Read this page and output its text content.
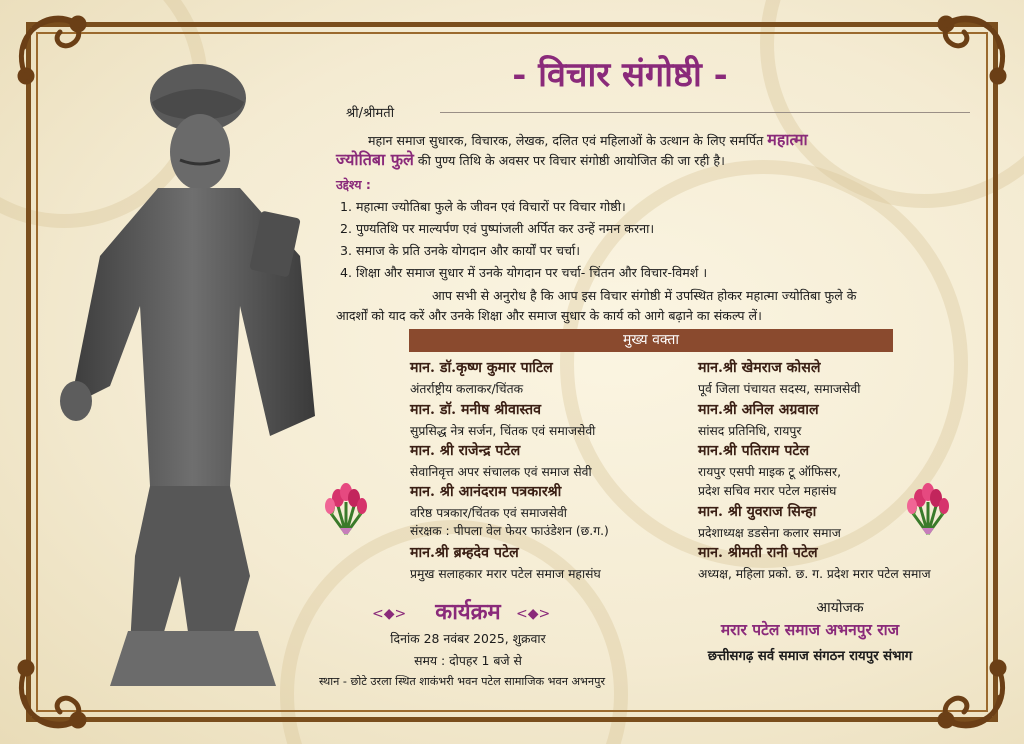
- विचार संगोष्ठी -
श्री/श्रीमती
महान समाज सुधारक, विचारक, लेखक, दलित एवं महिलाओं के उत्थान के लिए समर्पित महात्मा
ज्योतिबा फुले की पुण्य तिथि के अवसर पर विचार संगोष्ठी आयोजित की जा रही है।
उद्देश्य :
1. महात्मा ज्योतिबा फुले के जीवन एवं विचारों पर विचार गोष्ठी।
2. पुण्यतिथि पर माल्यर्पण एवं पुष्पांजली अर्पित कर उन्हें नमन करना।
3. समाज के प्रति उनके योगदान और कार्यों पर चर्चा।
4. शिक्षा और समाज सुधार में उनके योगदान पर चर्चा- चिंतन और विचार-विमर्श ।
आप सभी से अनुरोध है कि आप इस विचार संगोष्ठी में उपस्थित होकर महात्मा ज्योतिबा फुले के
आदर्शों को याद करें और उनके शिक्षा और समाज सुधार के कार्य को आगे बढ़ाने का संकल्प लें।
मुख्य वक्ता
मान. डॉ.कृष्ण कुमार पाटिल
अंतर्राष्ट्रीय कलाकर/चिंतक
मान. डॉ. मनीष श्रीवास्तव
सुप्रसिद्ध नेत्र सर्जन, चिंतक एवं समाजसेवी
मान. श्री राजेन्द्र पटेल
सेवानिवृत्त अपर संचालक एवं समाज सेवी
मान. श्री आनंदराम पत्रकारश्री
वरिष्ठ पत्रकार/चिंतक एवं समाजसेवी
संरक्षक : पीपला वेल फेयर फाउंडेशन (छ.ग.)
मान.श्री ब्रम्हदेव पटेल
प्रमुख सलाहकार मरार पटेल समाज महासंघ
मान.श्री खेमराज कोसले
पूर्व जिला पंचायत सदस्य, समाजसेवी
मान.श्री अनिल अग्रवाल
सांसद प्रतिनिधि, रायपुर
मान.श्री पतिराम पटेल
रायपुर एसपी माइक टू ऑफिसर,
प्रदेश सचिव मरार पटेल महासंघ
मान. श्री युवराज सिन्हा
प्रदेशाध्यक्ष डडसेना कलार समाज
मान. श्रीमती रानी पटेल
अध्यक्ष, महिला प्रको. छ. ग. प्रदेश मरार पटेल समाज
<◆>	कार्यक्रम	<◆>
दिनांक 28 नवंबर 2025, शुक्रवार
समय : दोपहर 1 बजे से
स्थान - छोटे उरला स्थित शाकंभरी भवन पटेल सामाजिक भवन अभनपुर
आयोजक
मरार पटेल समाज अभनपुर राज
छत्तीसगढ़ सर्व समाज संगठन रायपुर संभाग
